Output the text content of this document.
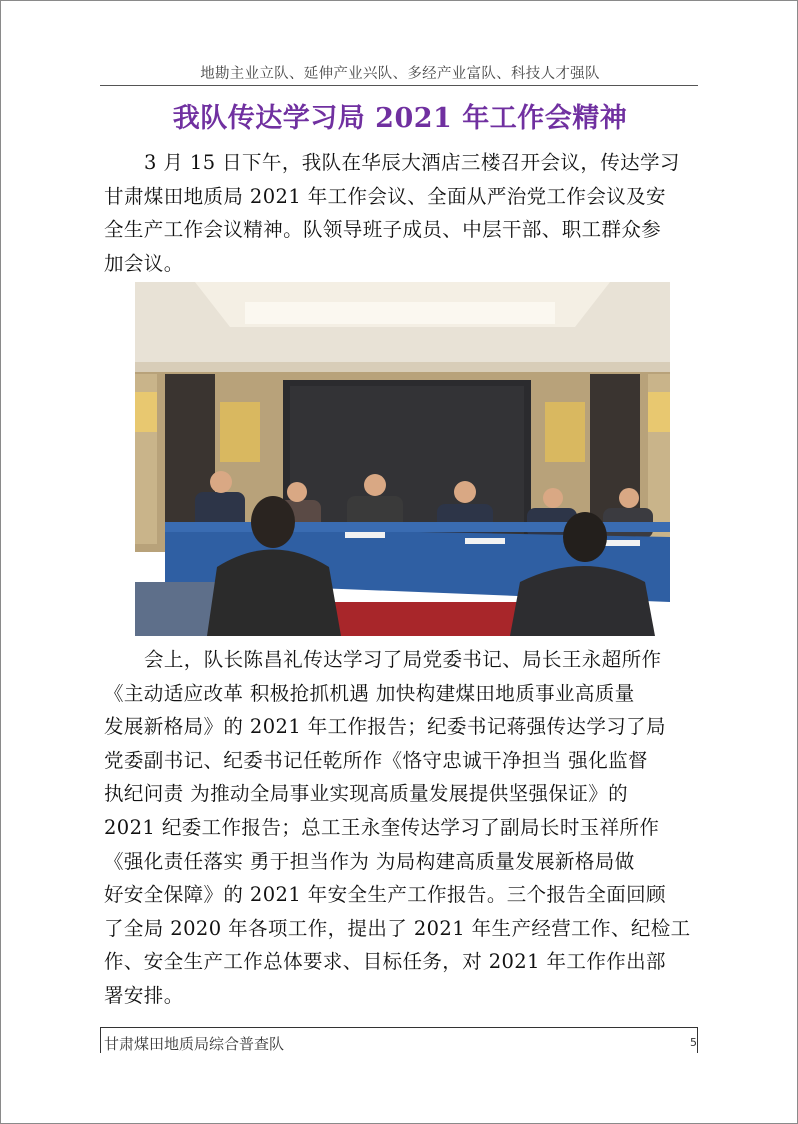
地勘主业立队、延伸产业兴队、多经产业富队、科技人才强队
我队传达学习局 2021 年工作会精神
3 月 15 日下午，我队在华辰大酒店三楼召开会议，传达学习
甘肃煤田地质局 2021 年工作会议、全面从严治党工作会议及安
全生产工作会议精神。队领导班子成员、中层干部、职工群众参
加会议。
会上，队长陈昌礼传达学习了局党委书记、局长王永超所作
《主动适应改革 积极抢抓机遇 加快构建煤田地质事业高质量
发展新格局》的 2021 年工作报告；纪委书记蒋强传达学习了局
党委副书记、纪委书记任乾所作《恪守忠诚干净担当 强化监督
执纪问责 为推动全局事业实现高质量发展提供坚强保证》的
2021 纪委工作报告；总工王永奎传达学习了副局长时玉祥所作
《强化责任落实 勇于担当作为 为局构建高质量发展新格局做
好安全保障》的 2021 年安全生产工作报告。三个报告全面回顾
了全局 2020 年各项工作，提出了 2021 年生产经营工作、纪检工
作、安全生产工作总体要求、目标任务，对 2021 年工作作出部
署安排。
甘肃煤田地质局综合普查队	5
